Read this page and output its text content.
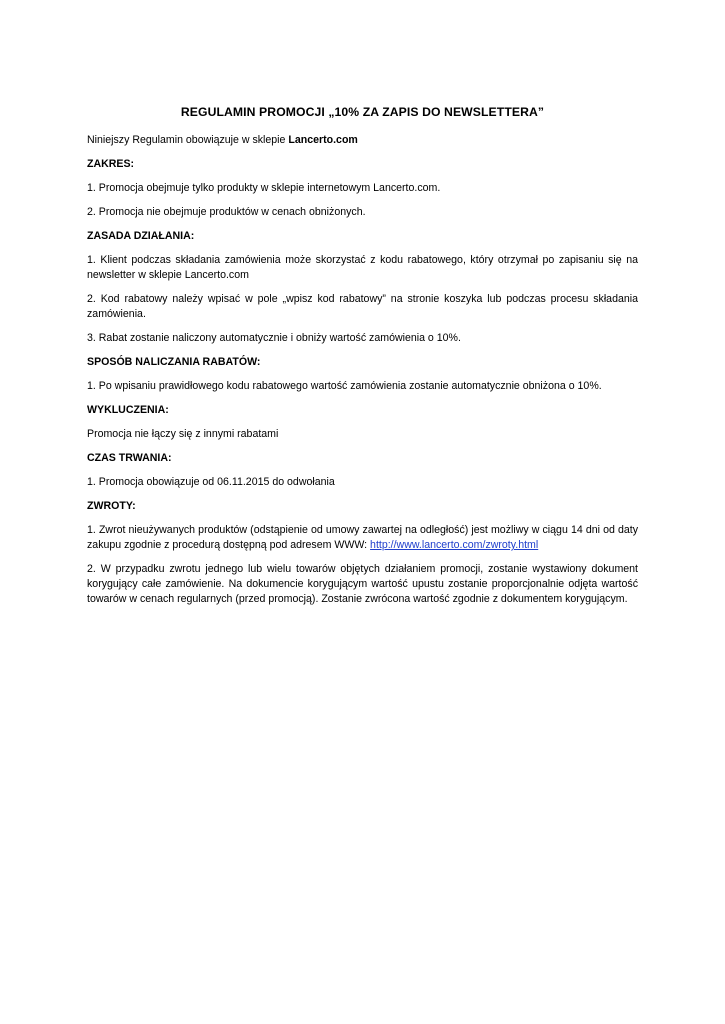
REGULAMIN PROMOCJI „10% ZA ZAPIS DO NEWSLETTERA”

Niniejszy Regulamin obowiązuje w sklepie Lancerto.com

ZAKRES:

1. Promocja obejmuje tylko produkty w sklepie internetowym Lancerto.com.

2. Promocja nie obejmuje produktów w cenach obniżonych.

ZASADA DZIAŁANIA:

1. Klient podczas składania zamówienia może skorzystać z kodu rabatowego, który otrzymał po zapisaniu się na newsletter w sklepie Lancerto.com

2. Kod rabatowy należy wpisać w pole „wpisz kod rabatowy” na stronie koszyka lub podczas procesu składania zamówienia.

3. Rabat zostanie naliczony automatycznie i obniży wartość zamówienia o 10%.

SPOSÓB NALICZANIA RABATÓW:

1. Po wpisaniu prawidłowego kodu rabatowego wartość zamówienia zostanie automatycznie obniżona o 10%.

WYKLUCZENIA:

Promocja nie łączy się z innymi rabatami

CZAS TRWANIA:

1. Promocja obowiązuje od 06.11.2015 do odwołania

ZWROTY:

1. Zwrot nieużywanych produktów (odstąpienie od umowy zawartej na odległość) jest możliwy w ciągu 14 dni od daty zakupu zgodnie z procedurą dostępną pod adresem WWW: http://www.lancerto.com/zwroty.html

2. W przypadku zwrotu jednego lub wielu towarów objętych działaniem promocji, zostanie wystawiony dokument korygujący całe zamówienie. Na dokumencie korygującym wartość upustu zostanie proporcjonalnie odjęta wartość towarów w cenach regularnych (przed promocją). Zostanie zwrócona wartość zgodnie z dokumentem korygującym.
